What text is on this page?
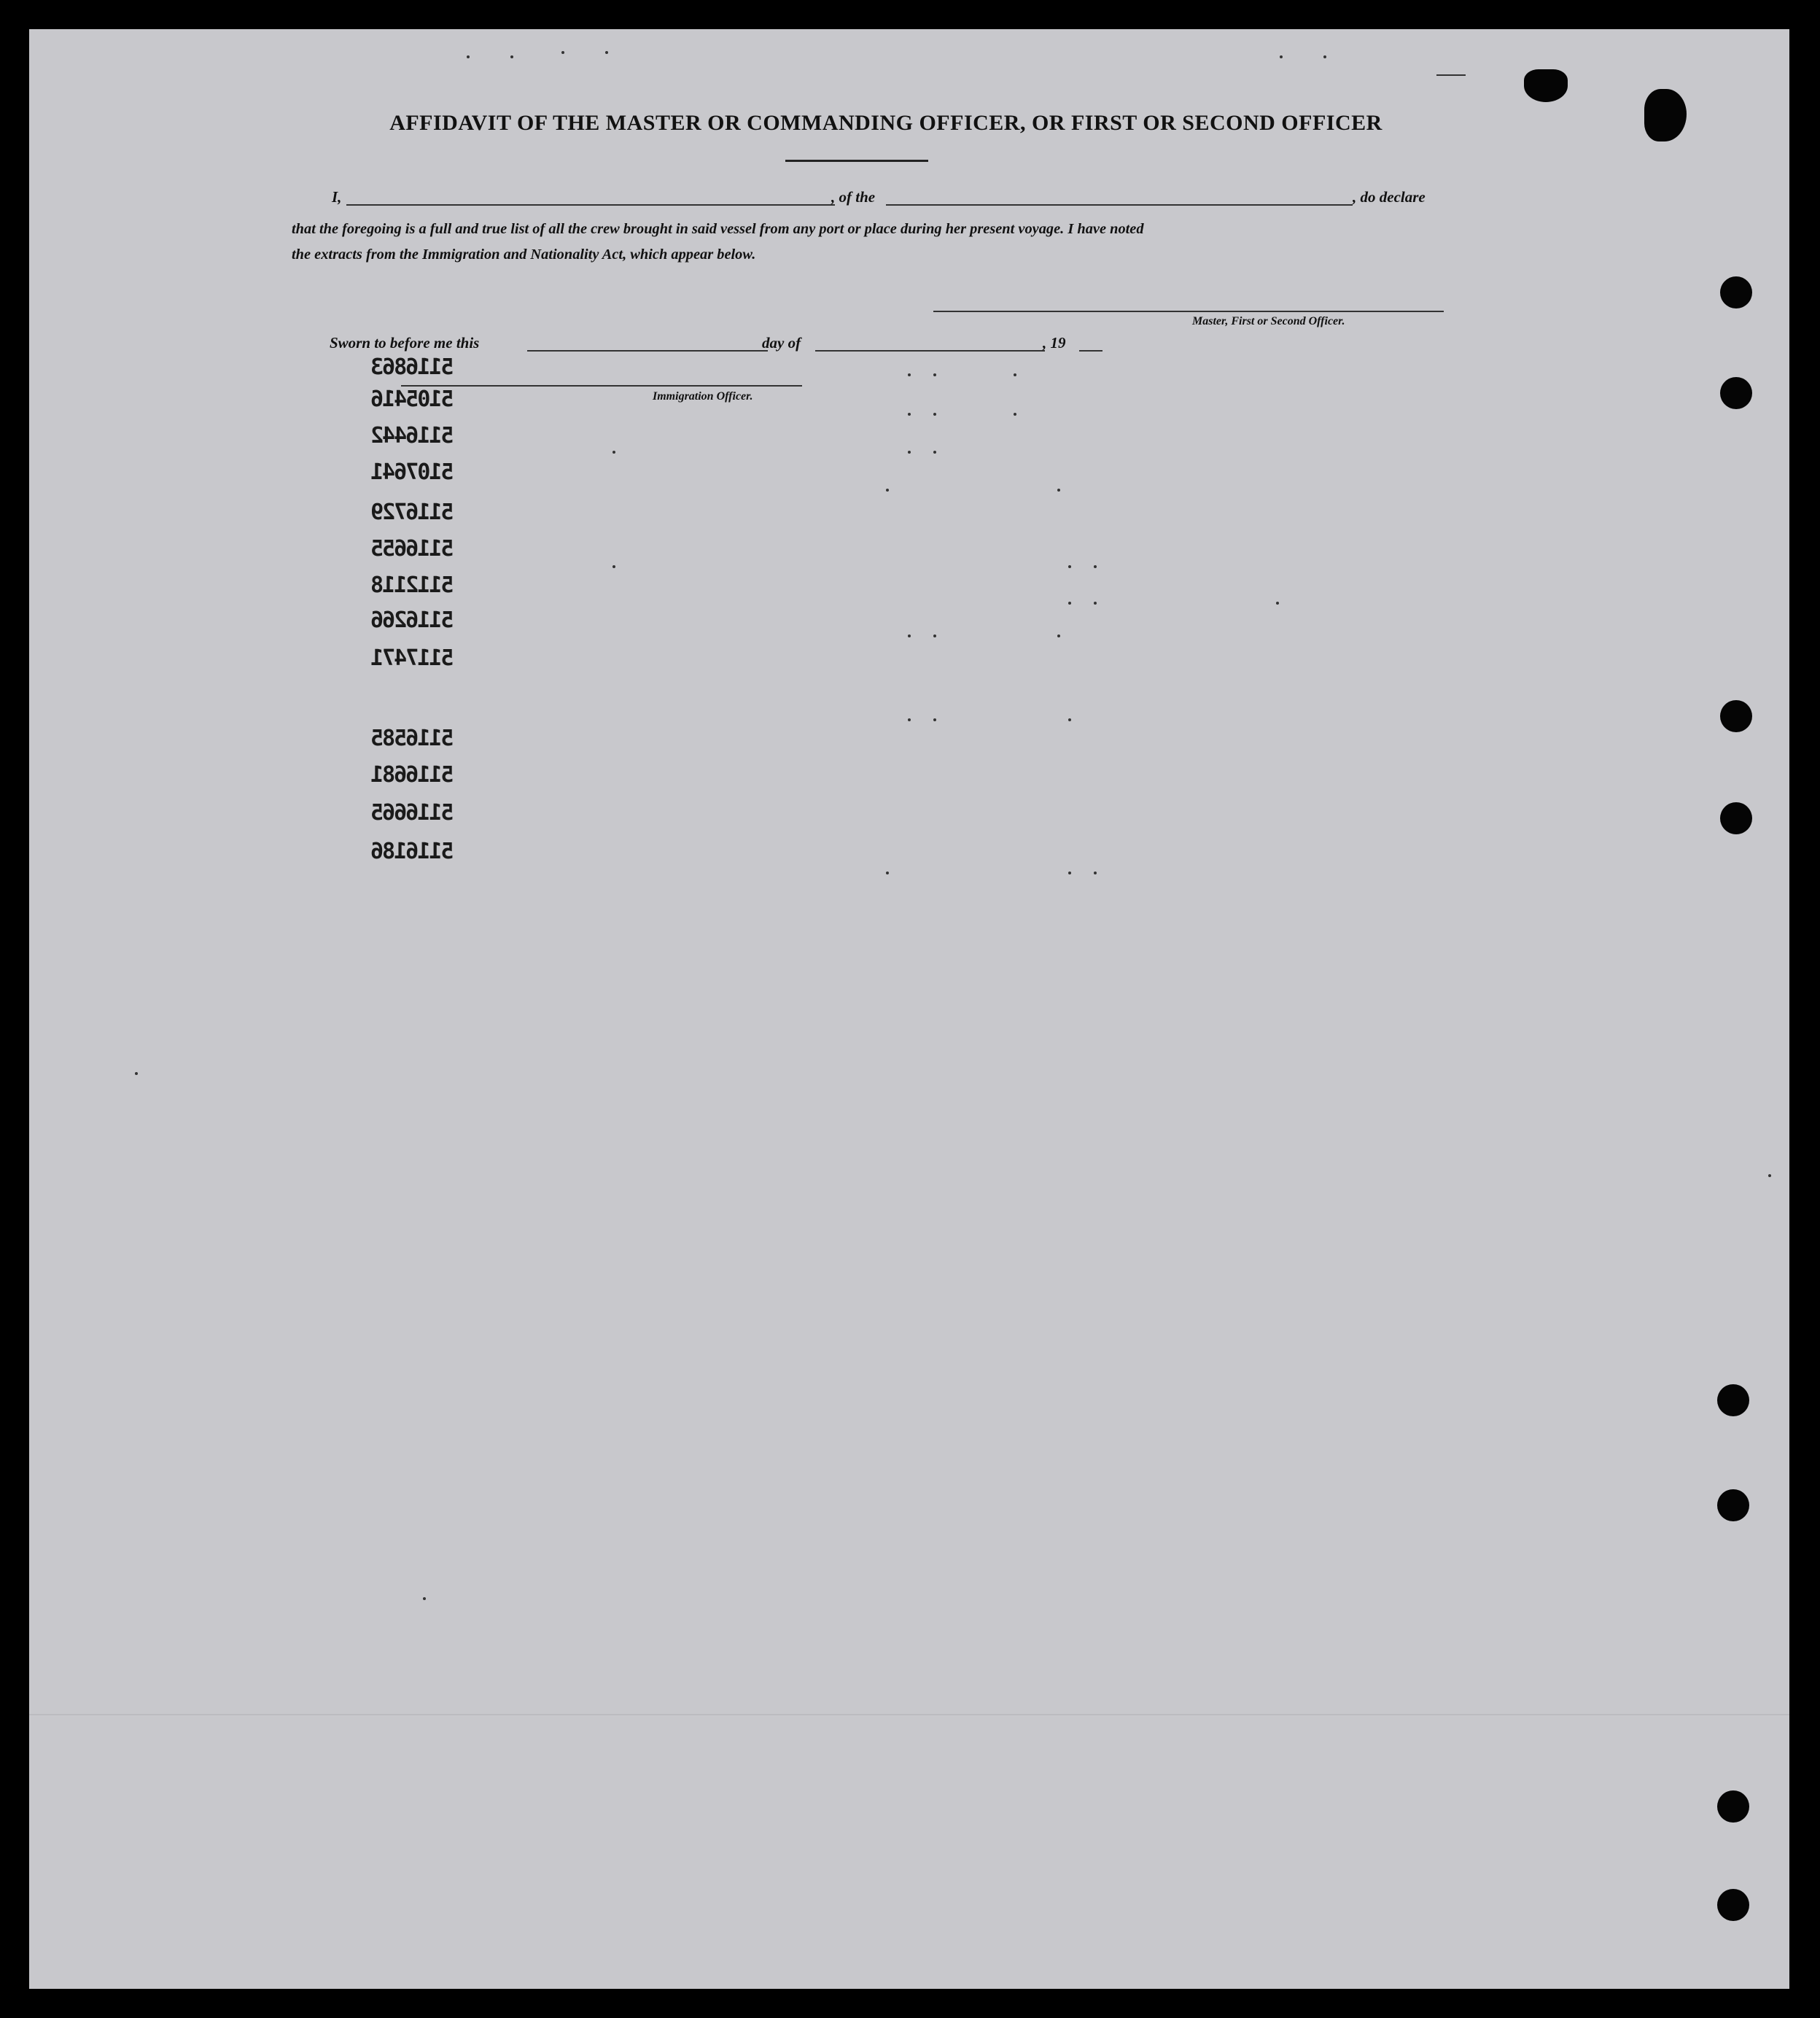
AFFIDAVIT OF THE MASTER OR COMMANDING OFFICER, OR FIRST OR SECOND OFFICER
I,	, of the	, do declare
that the foregoing is a full and true list of all the crew brought in said vessel from any port or place during her present voyage. I have noted
the extracts from the Immigration and Nationality Act, which appear below.
Master, First or Second Officer.
Sworn to before me this	day of	, 19
Immigration Officer.
5116863
5105416
5116442
5107641
5116729
5116655
5112118
5116266
5117471
5116585
5116681
5116665
5116186
